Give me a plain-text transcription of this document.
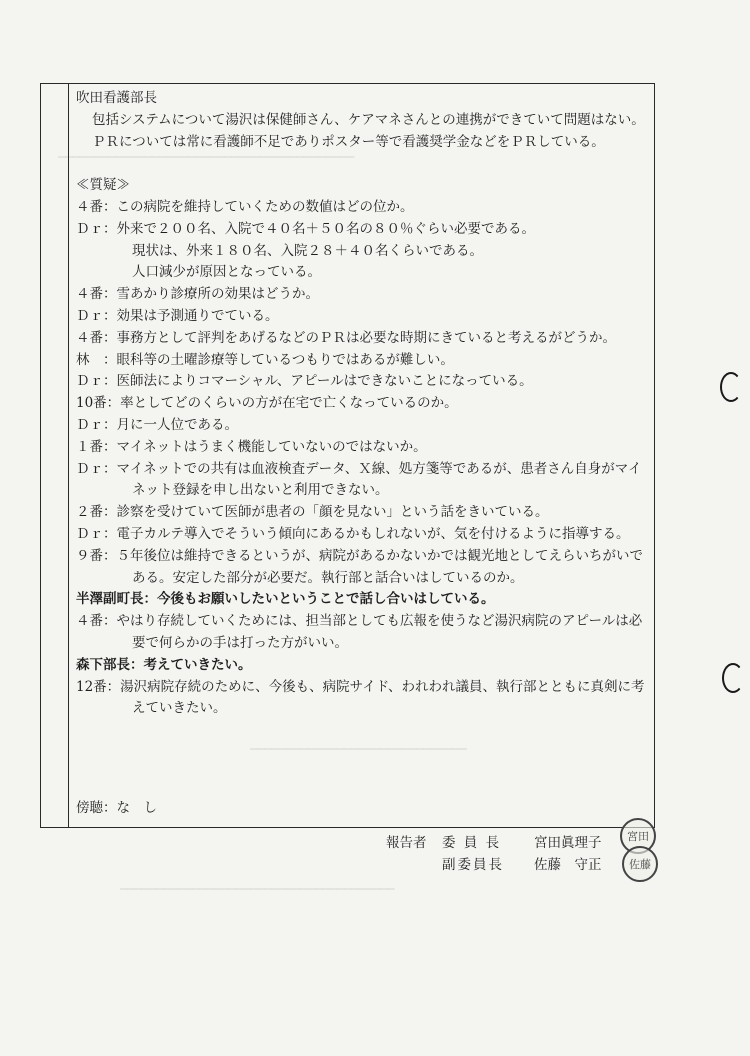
━━━━━━━━━━━━━━━━━━━━━━━━━━━━━━━━━━━━━━━━━
━━━━━━━━━━━━━━━━━━━━━━━━━━━━━━
━━━━━━━━━━━━━━━━━━━━━━━━━━━━━━━━━━━━━━
吹田看護部長
包括システムについて湯沢は保健師さん、ケアマネさんとの連携ができていて問題はない。ＰＲについては常に看護師不足でありポスター等で看護奨学金などをＰＲしている。
≪質疑≫
４番：この病院を維持していくための数値はどの位か。
Ｄｒ：外来で２００名、入院で４０名＋５０名の８０％ぐらい必要である。
現状は、外来１８０名、入院２８＋４０名くらいである。
人口減少が原因となっている。
４番：雪あかり診療所の効果はどうか。
Ｄｒ：効果は予測通りでている。
４番：事務方として評判をあげるなどのＰＲは必要な時期にきていると考えるがどうか。
林　：眼科等の土曜診療等しているつもりではあるが難しい。
Ｄｒ：医師法によりコマーシャル、アピールはできないことになっている。
10番：率としてどのくらいの方が在宅で亡くなっているのか。
Ｄｒ：月に一人位である。
１番：マイネットはうまく機能していないのではないか。
Ｄｒ：マイネットでの共有は血液検査データ、Ｘ線、処方箋等であるが、患者さん自身がマイネット登録を申し出ないと利用できない。
２番：診察を受けていて医師が患者の「顔を見ない」という話をきいている。
Ｄｒ：電子カルテ導入でそういう傾向にあるかもしれないが、気を付けるように指導する。
９番：５年後位は維持できるというが、病院があるかないかでは観光地としてえらいちがいである。安定した部分が必要だ。執行部と話合いはしているのか。
半澤副町長：今後もお願いしたいということで話し合いはしている。
４番：やはり存続していくためには、担当部としても広報を使うなど湯沢病院のアピールは必要で何らかの手は打った方がいい。
森下部長：考えていきたい。
12番：湯沢病院存続のために、今後も、病院サイド、われわれ議員、執行部とともに真剣に考えていきたい。
傍聴：な　し
報告者	委 員 長	宮田眞理子
副委員長	佐藤　守正
宮田
佐藤
